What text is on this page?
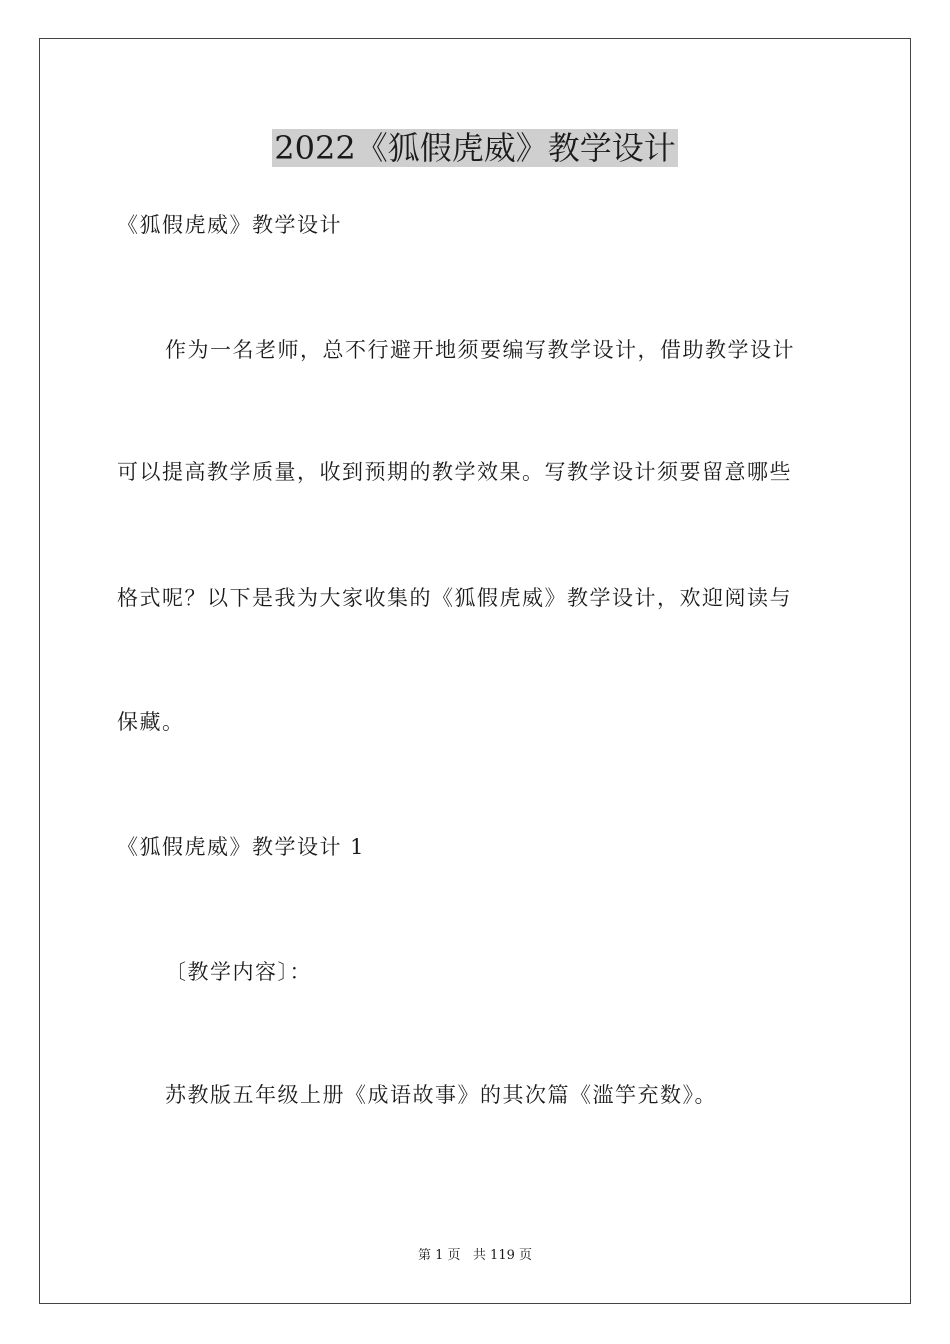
2022《狐假虎威》教学设计
《狐假虎威》教学设计
作为一名老师，总不行避开地须要编写教学设计，借助教学设计
可以提高教学质量，收到预期的教学效果。写教学设计须要留意哪些
格式呢？以下是我为大家收集的《狐假虎威》教学设计，欢迎阅读与
保藏。
《狐假虎威》教学设计 1
〔教学内容〕：
苏教版五年级上册《成语故事》的其次篇《滥竽充数》。
第 1 页   共 119 页
